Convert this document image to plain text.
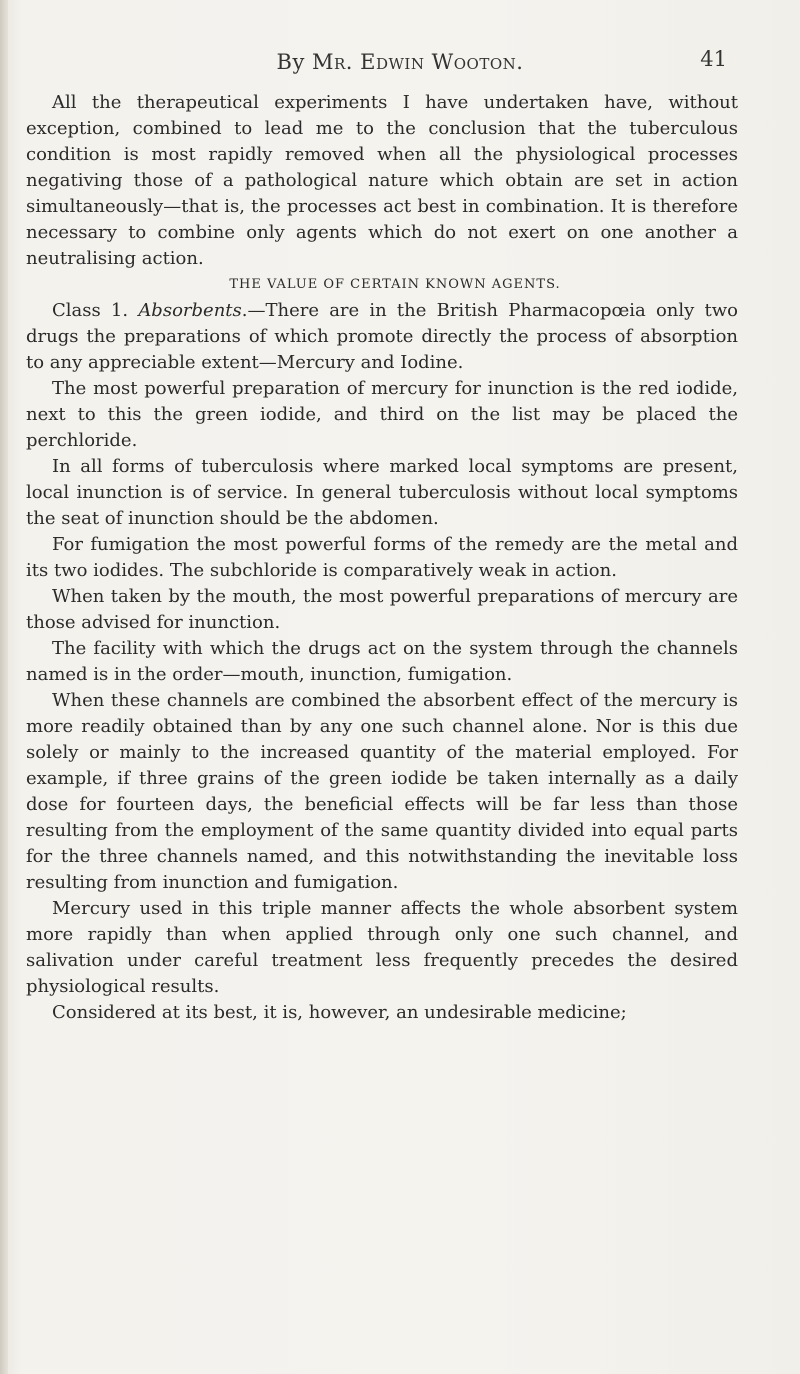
By Mr. Edwin Wooton.	41

All the therapeutical experiments I have undertaken have, without exception, combined to lead me to the conclusion that the tuberculous condition is most rapidly removed when all the physiological processes negativing those of a pathological nature which obtain are set in action simultaneously—that is, the processes act best in combination. It is therefore necessary to combine only agents which do not exert on one another a neutralising action.

THE VALUE OF CERTAIN KNOWN AGENTS.

Class 1. Absorbents.—There are in the British Pharmacopœia only two drugs the preparations of which promote directly the process of absorption to any appreciable extent—Mercury and Iodine.

The most powerful preparation of mercury for inunction is the red iodide, next to this the green iodide, and third on the list may be placed the perchloride.

In all forms of tuberculosis where marked local symptoms are present, local inunction is of service. In general tuberculosis without local symptoms the seat of inunction should be the abdomen.

For fumigation the most powerful forms of the remedy are the metal and its two iodides. The subchloride is comparatively weak in action.

When taken by the mouth, the most powerful preparations of mercury are those advised for inunction.

The facility with which the drugs act on the system through the channels named is in the order—mouth, inunction, fumigation.

When these channels are combined the absorbent effect of the mercury is more readily obtained than by any one such channel alone. Nor is this due solely or mainly to the increased quantity of the material employed. For example, if three grains of the green iodide be taken internally as a daily dose for fourteen days, the beneficial effects will be far less than those resulting from the employment of the same quantity divided into equal parts for the three channels named, and this notwithstanding the inevitable loss resulting from inunction and fumigation.

Mercury used in this triple manner affects the whole absorbent system more rapidly than when applied through only one such channel, and salivation under careful treatment less frequently precedes the desired physiological results.

Considered at its best, it is, however, an undesirable medicine;
